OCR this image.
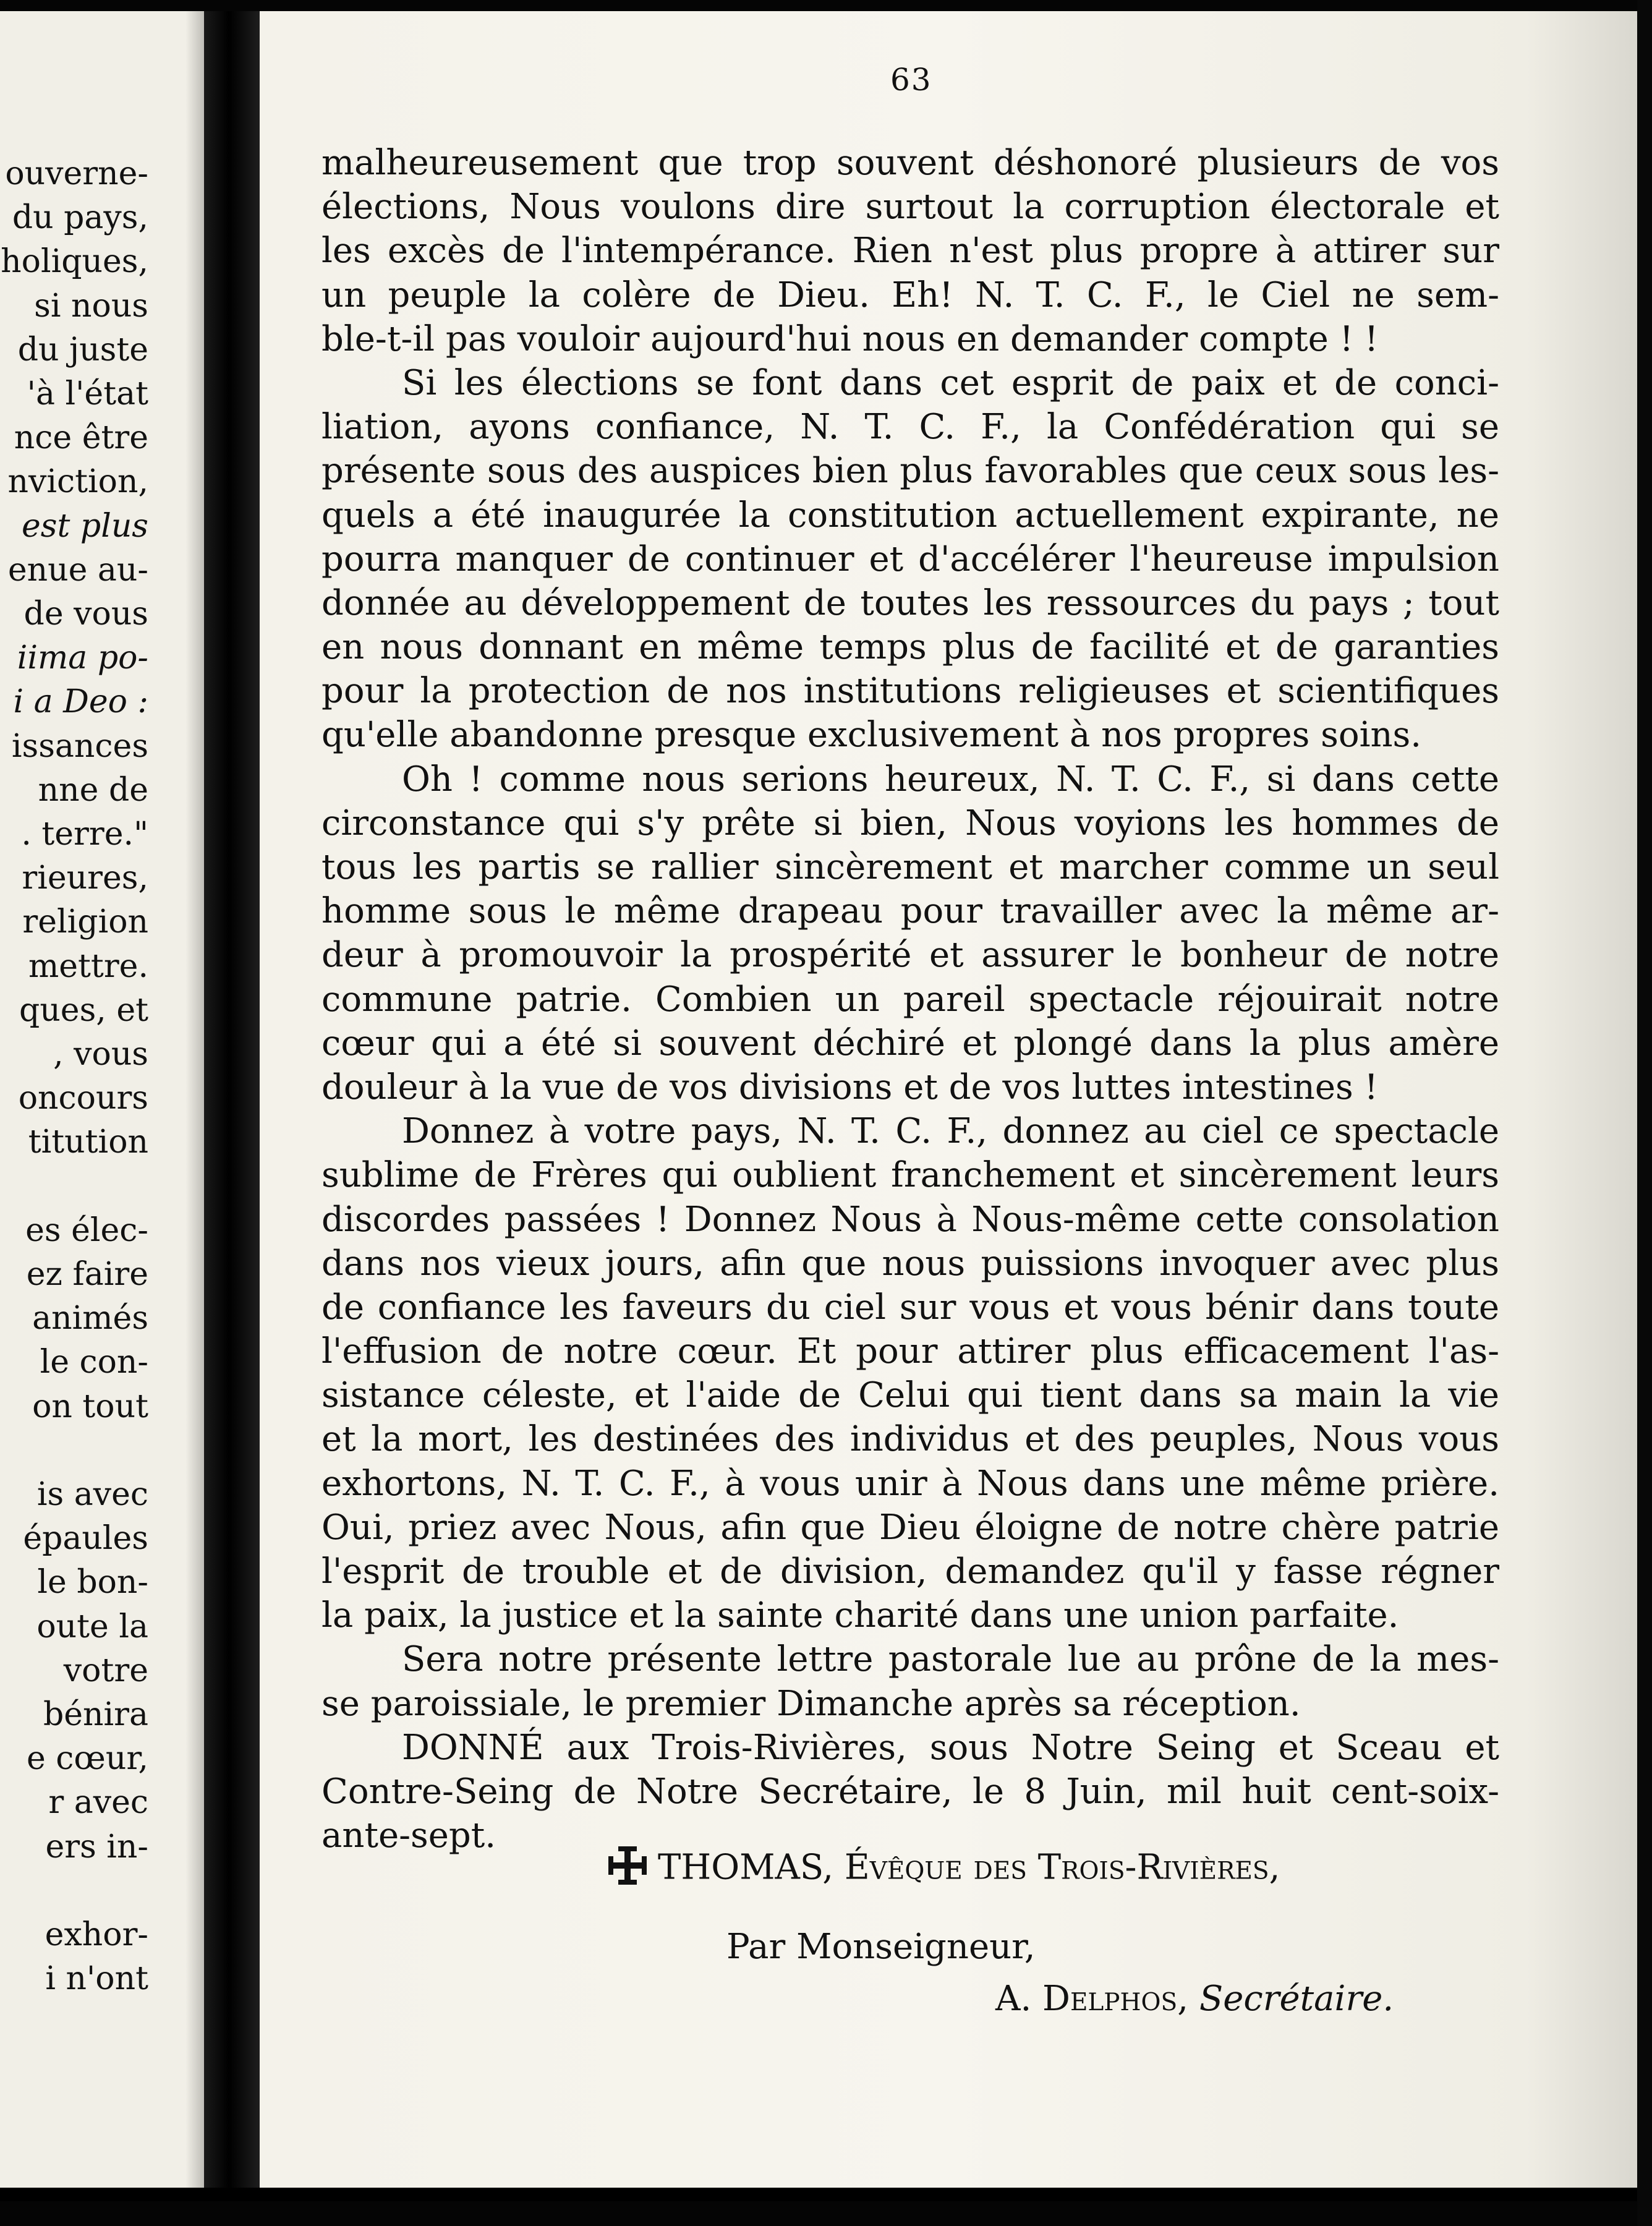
ouverne-
du pays,
holiques,
si nous
du juste
'à l'état
nce être
nviction,
est plus
enue au-
de vous
iima po-
i a Deo :
issances
nne de
. terre."
rieures,
religion
mettre.
ques, et
, vous
oncours
titution
es élec-
ez faire
animés
le con-
on tout
is avec
épaules
le bon-
oute la
votre
bénira
e cœur,
r avec
ers in-
exhor-
i n'ont
63
malheureusement que trop souvent déshonoré plusieurs de vos
élections, Nous voulons dire surtout la corruption électorale et
les excès de l'intempérance. Rien n'est plus propre à attirer sur
un peuple la colère de Dieu. Eh! N. T. C. F., le Ciel ne sem-
ble-t-il pas vouloir aujourd'hui nous en demander compte ! !
Si les élections se font dans cet esprit de paix et de conci-
liation, ayons confiance, N. T. C. F., la Confédération qui se
présente sous des auspices bien plus favorables que ceux sous les-
quels a été inaugurée la constitution actuellement expirante, ne
pourra manquer de continuer et d'accélérer l'heureuse impulsion
donnée au développement de toutes les ressources du pays ; tout
en nous donnant en même temps plus de facilité et de garanties
pour la protection de nos institutions religieuses et scientifiques
qu'elle abandonne presque exclusivement à nos propres soins.
Oh ! comme nous serions heureux, N. T. C. F., si dans cette
circonstance qui s'y prête si bien, Nous voyions les hommes de
tous les partis se rallier sincèrement et marcher comme un seul
homme sous le même drapeau pour travailler avec la même ar-
deur à promouvoir la prospérité et assurer le bonheur de notre
commune patrie. Combien un pareil spectacle réjouirait notre
cœur qui a été si souvent déchiré et plongé dans la plus amère
douleur à la vue de vos divisions et de vos luttes intestines !
Donnez à votre pays, N. T. C. F., donnez au ciel ce spectacle
sublime de Frères qui oublient franchement et sincèrement leurs
discordes passées ! Donnez Nous à Nous-même cette consolation
dans nos vieux jours, afin que nous puissions invoquer avec plus
de confiance les faveurs du ciel sur vous et vous bénir dans toute
l'effusion de notre cœur. Et pour attirer plus efficacement l'as-
sistance céleste, et l'aide de Celui qui tient dans sa main la vie
et la mort, les destinées des individus et des peuples, Nous vous
exhortons, N. T. C. F., à vous unir à Nous dans une même prière.
Oui, priez avec Nous, afin que Dieu éloigne de notre chère patrie
l'esprit de trouble et de division, demandez qu'il y fasse régner
la paix, la justice et la sainte charité dans une union parfaite.
Sera notre présente lettre pastorale lue au prône de la mes-
se paroissiale, le premier Dimanche après sa réception.
DONNÉ aux Trois-Rivières, sous Notre Seing et Sceau et
Contre-Seing de Notre Secrétaire, le 8 Juin, mil huit cent-soix-
ante-sept.
THOMAS, Évêque des Trois-Rivières,
Par Monseigneur,
A. Delphos, Secrétaire.
